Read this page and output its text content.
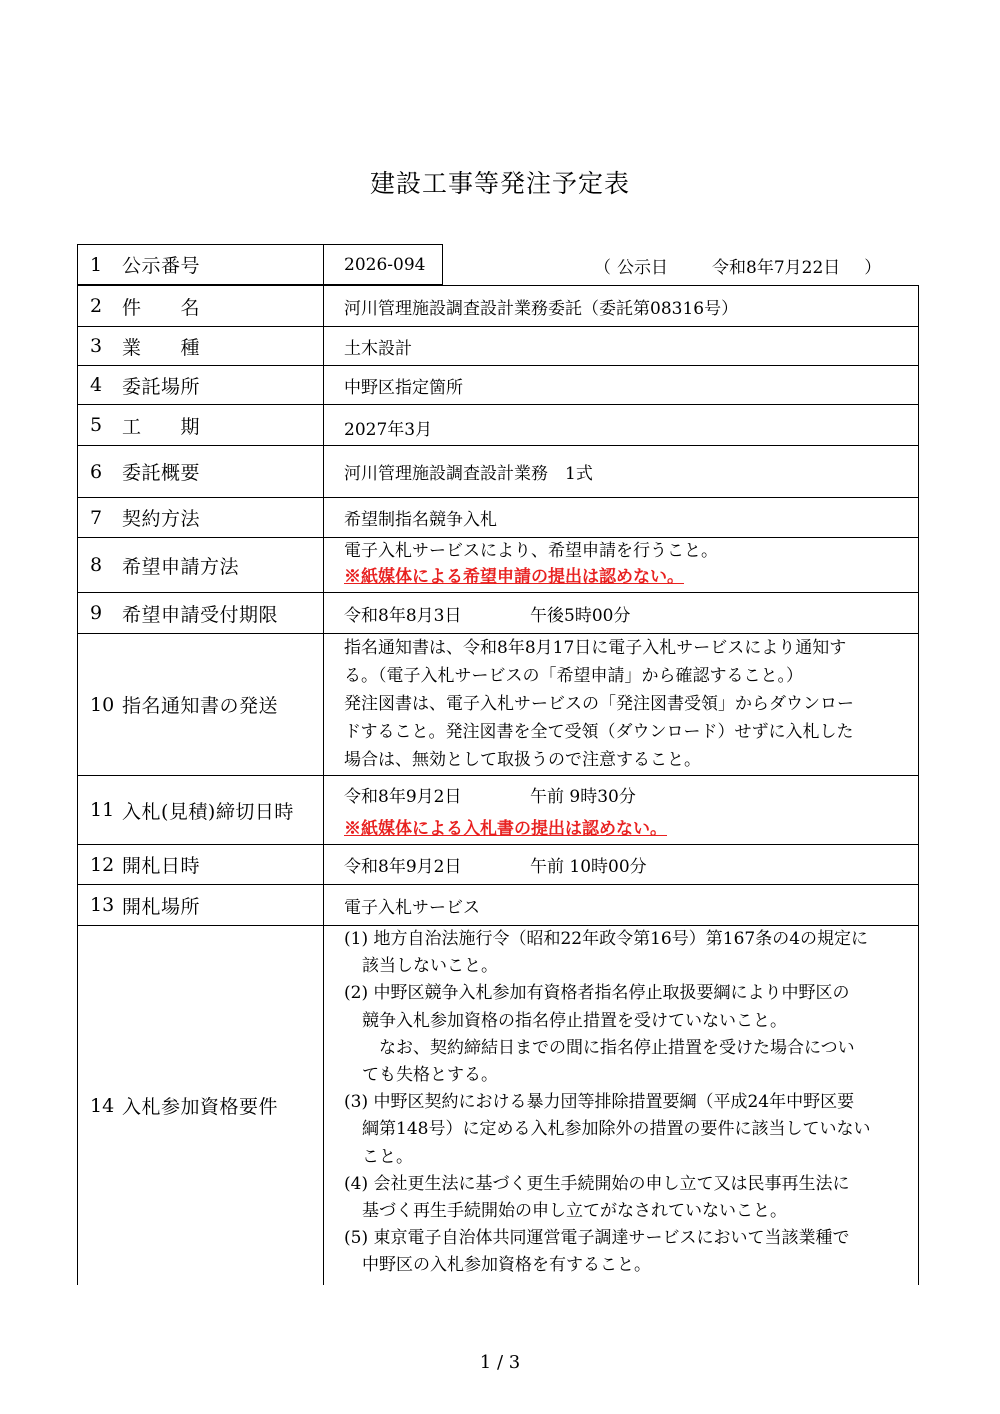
建設工事等発注予定表
1	公示番号	2026-094	（ 公示日	令和8年7月22日 ）
2	件　　名	河川管理施設調査設計業務委託（委託第08316号）
3	業　　種	土木設計
4	委託場所	中野区指定箇所
5	工　　期	2027年3月
6	委託概要	河川管理施設調査設計業務　1式
7	契約方法	希望制指名競争入札
8	希望申請方法
電子入札サービスにより、希望申請を行うこと。
※紙媒体による希望申請の提出は認めない。
9	希望申請受付期限	令和8年8月3日	午後5時00分
10 指名通知書の発送
指名通知書は、令和8年8月17日に電子入札サービスにより通知す
る。（電子入札サービスの「希望申請」から確認すること。）
発注図書は、電子入札サービスの「発注図書受領」からダウンロー
ドすること。発注図書を全て受領（ダウンロード）せずに入札した
場合は、無効として取扱うので注意すること。
11 入札(見積)締切日時
令和8年9月2日	午前 9時30分
※紙媒体による入札書の提出は認めない。
12 開札日時	令和8年9月2日	午前 10時00分
13 開札場所	電子入札サービス
14 入札参加資格要件
(1) 地方自治法施行令（昭和22年政令第16号）第167条の4の規定に
該当しないこと。
(2) 中野区競争入札参加有資格者指名停止取扱要綱により中野区の
競争入札参加資格の指名停止措置を受けていないこと。
　なお、契約締結日までの間に指名停止措置を受けた場合につい
ても失格とする。
(3) 中野区契約における暴力団等排除措置要綱（平成24年中野区要
綱第148号）に定める入札参加除外の措置の要件に該当していない
こと。
(4) 会社更生法に基づく更生手続開始の申し立て又は民事再生法に
基づく再生手続開始の申し立てがなされていないこと。
(5) 東京電子自治体共同運営電子調達サービスにおいて当該業種で
中野区の入札参加資格を有すること。
1 / 3
